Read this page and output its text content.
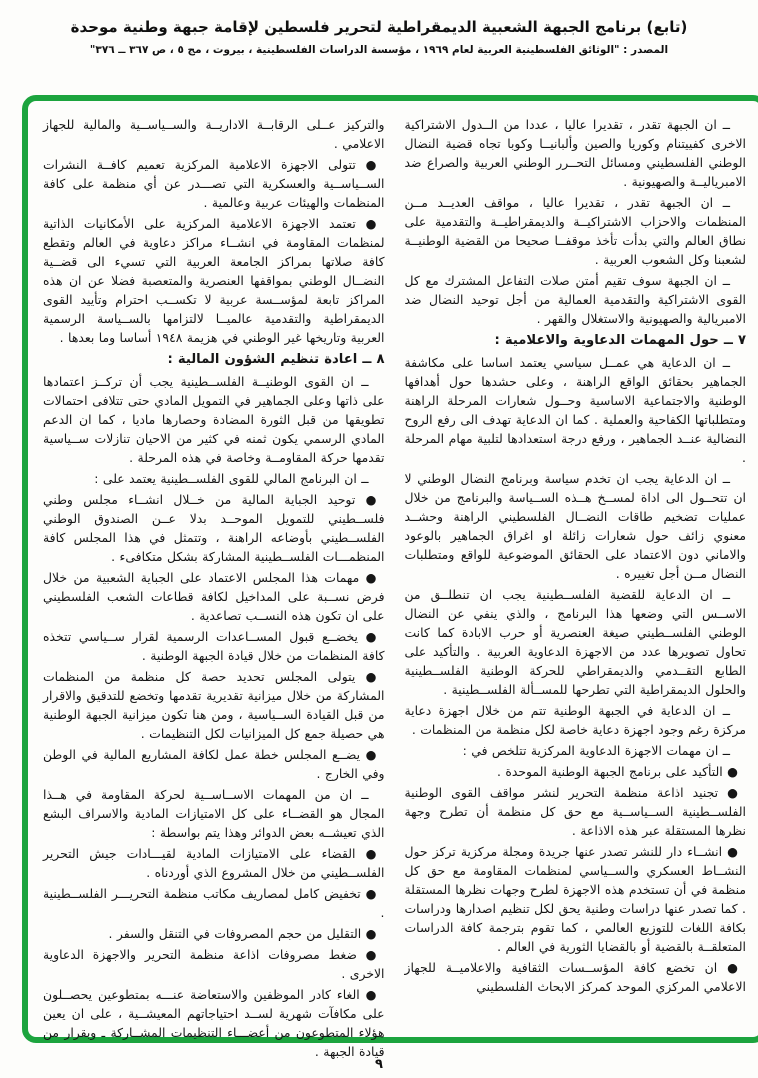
(تابع) برنامج الجبهة الشعبية الديمقراطية لتحرير فلسطين لإقامة جبهة وطنية موحدة

المصدر : "الوثائق الفلسطينية العربية لعام ١٩٦٩ ، مؤسسة الدراسات الفلسطينية ، بيروت ، مج ٥ ، ص ٣٦٧ ــ ٣٧٦"

ــ ان الجبهة تقدر ، تقديرا عاليا ، عددا من الــدول الاشتراكية الاخرى كفييتنام وكوريا والصين وألبانيــا وكوبا تجاه قضية النضال الوطني الفلسطيني ومسائل التحــرر الوطني العربية والصراع ضد الامبرياليــة والصهيونية .

ــ ان الجبهة تقدر ، تقديرا عاليا ، مواقف العديــد مــن المنظمات والاحزاب الاشتراكيــة والديمقراطيــة والتقدمية على نطاق العالم والتي بدأت تأخذ موقفــا صحيحا من القضية الوطنيــة لشعبنا وكل الشعوب العربية .

ــ ان الجبهة سوف تقيم أمتن صلات التفاعل المشترك مع كل القوى الاشتراكية والتقدمية العمالية من أجل توحيد النضال ضد الامبريالية والصهيونية والاستغلال والقهر .

٧ ــ حول المهمات الدعاوية والاعلامية :

ــ ان الدعاية هي عمــل سياسي يعتمد اساسا على مكاشفة الجماهير بحقائق الواقع الراهنة ، وعلى حشدها حول أهدافها الوطنية والاجتماعية الاساسية وحــول شعارات المرحلة الراهنة ومتطلباتها الكفاحية والعملية . كما ان الدعاية تهدف الى رفع الروح النضالية عنــد الجماهير ، ورفع درجة استعدادها لتلبية مهام المرحلة .

ــ ان الدعاية يجب ان تخدم سياسة وبرنامج النضال الوطني لا ان تتحــول الى اداة لمســخ هــذه الســياسة والبرنامج من خلال عمليات تضخيم طاقات النضــال الفلسطيني الراهنة وحشــد معنوي زائف حول شعارات زائلة او اغراق الجماهير بالوعود والاماني دون الاعتماد على الحقائق الموضوعية للواقع ومتطلبات النضال مــن أجل تغييره .

ــ ان الدعاية للقضية الفلســطينية يجب ان تنطلــق من الاســس التي وضعها هذا البرنامج ، والذي ينفي عن النضال الوطني الفلســطيني صيغة العنصرية أو حرب الابادة كما كانت تحاول تصويرها عدد من الاجهزة الدعاوية العربية . والتأكيد على الطابع التقــدمي والديمقراطي للحركة الوطنية الفلســطينية والحلول الديمقراطية التي تطرحها للمســألة الفلســطينية .

ــ ان الدعاية في الجبهة الوطنية تتم من خلال اجهزة دعاية مركزة رغم وجود اجهزة دعاية خاصة لكل منظمة من المنظمات .

ــ ان مهمات الاجهزة الدعاوية المركزية تتلخص في :

● التأكيد على برنامج الجبهة الوطنية الموحدة .

● تجنيد اذاعة منظمة التحرير لنشر مواقف القوى الوطنية الفلســطينية الســياســية مع حق كل منظمة أن تطرح وجهة نظرها المستقلة عبر هذه الاذاعة .

● انشــاء دار للنشر تصدر عنها جريدة ومجلة مركزية تركز حول النشــاط العسكري والســياسي لمنظمات المقاومة مع حق كل منظمة في أن تستخدم هذه الاجهزة لطرح وجهات نظرها المستقلة . كما تصدر عنها دراسات وطنية يحق لكل تنظيم اصدارها ودراسات بكافة اللغات للتوزيع العالمي ، كما تقوم بترجمة كافة الدراسات المتعلقــة بالقضية أو بالقضايا الثورية في العالم .

● ان تخضع كافة المؤســسات الثقافية والاعلاميــة للجهاز الاعلامي المركزي الموحد كمركز الابحاث الفلسطيني

والتركيز عــلى الرقابــة الاداريــة والســياســية والمالية للجهاز الاعلامي .

● تتولى الاجهزة الاعلامية المركزية تعميم كافــة النشرات الســياســية والعسكرية التي تصـــدر عن أي منظمة على كافة المنظمات والهيئات عربية وعالمية .

● تعتمد الاجهزة الاعلامية المركزية على الأمكانيات الذاتية لمنظمات المقاومة في انشــاء مراكز دعاوية في العالم وتقطع كافة صلاتها بمراكز الجامعة العربية التي تسيء الى قضــية النضــال الوطني بمواقفها العنصرية والمتعصبة فضلا عن ان هذه المراكز تابعة لمؤســسة عربية لا تكســب احترام وتأييد القوى الديمقراطية والتقدمية عالميــا لالتزامها بالســياسة الرسمية العربية وتاريخها غير الوطني في هزيمة ١٩٤٨ أساسا وما بعدها .

٨ ــ اعادة تنظيم الشؤون المالية :

ــ ان القوى الوطنيــة الفلســطينية يجب أن تركــز اعتمادها على ذاتها وعلى الجماهير في التمويل المادي حتى تتلافى احتمالات تطويقها من قبل الثورة المضادة وحصارها ماديا ، كما ان الدعم المادي الرسمي يكون ثمنه في كثير من الاحيان تنازلات ســياسية تقدمها حركة المقاومــة وخاصة في هذه المرحلة .

ــ ان البرنامج المالي للقوى الفلســطينية يعتمد على :

● توحيد الجباية المالية من خــلال انشــاء مجلس وطني فلســطيني للتمويل الموحــد بدلا عــن الصندوق الوطني الفلســطيني بأوضاعه الراهنة ، وتتمثل في هذا المجلس كافة المنظمـــات الفلســطينية المشاركة بشكل متكافىء .

● مهمات هذا المجلس الاعتماد على الجباية الشعبية من خلال فرض نســبة على المداخيل لكافة قطاعات الشعب الفلسطيني على ان تكون هذه النســب تصاعدية .

● يخضــع قبول المســاعدات الرسمية لقرار ســياسي تتخذه كافة المنظمات من خلال قيادة الجبهة الوطنية .

● يتولى المجلس تحديد حصة كل منظمة من المنظمات المشاركة من خلال ميزانية تقديرية تقدمها وتخضع للتدقيق والاقرار من قبل القيادة الســياسية ، ومن هنا تكون ميزانية الجبهة الوطنية هي حصيلة جمع كل الميزانيات لكل التنظيمات .

● يضــع المجلس خطة عمل لكافة المشاريع المالية في الوطن وفي الخارج .

ــ ان من المهمات الاســاســية لحركة المقاومة في هــذا المجال هو القضــاء على كل الامتيازات المادية والاسراف البشع الذي تعيشــه بعض الدوائر وهذا يتم بواسطة :

● القضاء على الامتيازات المادية لقيـــادات جيش التحرير الفلســطيني من خلال المشروع الذي أوردناه .

● تخفيض كامل لمصاريف مكاتب منظمة التحريـــر الفلســطينية .

● التقليل من حجم المصروفات في التنقل والسفر .

● ضغط مصروفات اذاعة منظمة التحرير والاجهزة الدعاوية الاخرى .

● الغاء كادر الموظفين والاستعاضة عنـــه بمتطوعين يحصــلون على مكافآت شهرية لســد احتياجاتهم المعيشــية ، على ان يعين هؤلاء المتطوعون من أعضـــاء التنظيمات المشــاركة ـ وبقرار من قيادة الجبهة .

٩
